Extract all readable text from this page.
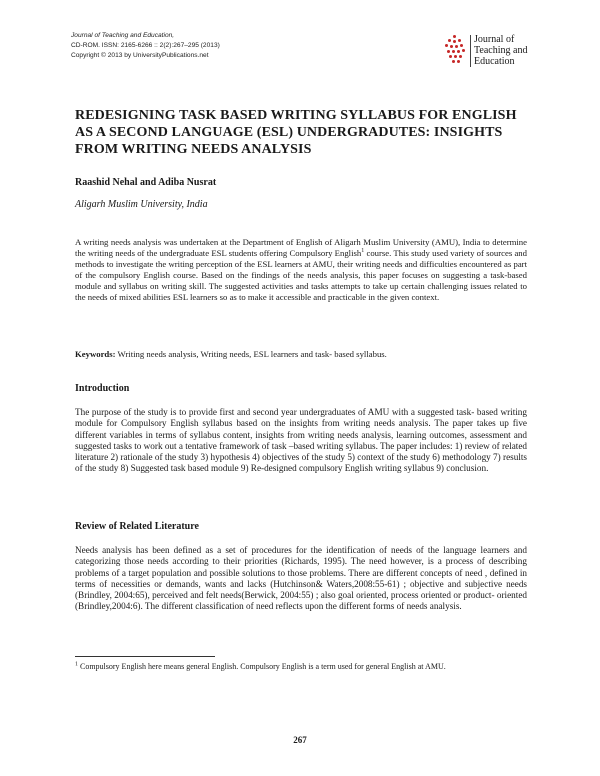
Journal of Teaching and Education,
CD-ROM. ISSN: 2165-6266 :: 2(2):267–295 (2013)
Copyright © 2013 by UniversityPublications.net
Journal of
Teaching and
Education
REDESIGNING TASK BASED WRITING SYLLABUS FOR ENGLISH
AS A SECOND LANGUAGE (ESL) UNDERGRADUTES: INSIGHTS
FROM WRITING NEEDS ANALYSIS
Raashid Nehal and Adiba Nusrat
Aligarh Muslim University, India
A writing needs analysis was undertaken at the Department of English of Aligarh Muslim University (AMU), India to determine the writing needs of the undergraduate ESL students offering Compulsory English$^1$ course. This study used variety of sources and methods to investigate the writing perception of the ESL learners at AMU, their writing needs and difficulties encountered as part of the compulsory English course. Based on the findings of the needs analysis, this paper focuses on suggesting a task-based module and syllabus on writing skill. The suggested activities and tasks attempts to take up certain challenging issues related to the needs of mixed abilities ESL learners so as to make it accessible and practicable in the given context.
Keywords: Writing needs analysis, Writing needs, ESL learners and task- based syllabus.
Introduction
The purpose of the study is to provide first and second year undergraduates of AMU with a suggested task- based writing module for Compulsory English syllabus based on the insights from writing needs analysis. The paper takes up five different variables in terms of syllabus content, insights from writing needs analysis, learning outcomes, assessment and suggested tasks to work out a tentative framework of task –based writing syllabus. The paper includes: 1) review of related literature 2) rationale of the study 3) hypothesis 4) objectives of the study 5) context of the study 6) methodology 7) results of the study 8) Suggested task based module 9) Re-designed compulsory English writing syllabus 9) conclusion.
Review of Related Literature
Needs analysis has been defined as a set of procedures for the identification of needs of the language learners and categorizing those needs according to their priorities (Richards, 1995). The need however, is a process of describing problems of a target population and possible solutions to those problems. There are different concepts of need , defined in terms of necessities or demands, wants and lacks (Hutchinson& Waters,2008:55-61) ; objective and subjective needs (Brindley, 2004:65), perceived and felt needs(Berwick, 2004:55) ; also goal oriented, process oriented or product- oriented (Brindley,2004:6). The different classification of need reflects upon the different forms of needs analysis.
$^1$ Compulsory English here means general English. Compulsory English is a term used for general English at AMU.
267
